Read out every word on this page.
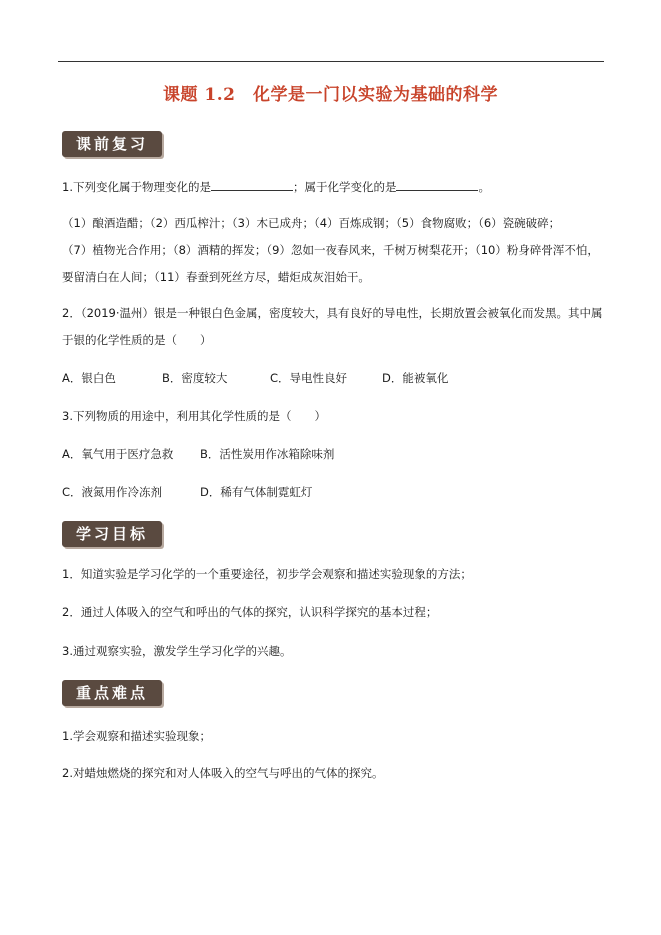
课题 1.2　化学是一门以实验为基础的科学
课前复习
1.下列变化属于物理变化的是	；属于化学变化的是	。
（1）酿酒造醋；（2）西瓜榨汁；（3）木已成舟；（4）百炼成钢；（5）食物腐败；（6）瓷碗破碎；
（7）植物光合作用；（8）酒精的挥发；（9）忽如一夜春风来，千树万树梨花开；（10）粉身碎骨浑不怕，
要留清白在人间；（11）春蚕到死丝方尽，蜡炬成灰泪始干。
2．（2019·温州）银是一种银白色金属，密度较大，具有良好的导电性，长期放置会被氧化而发黑。其中属
于银的化学性质的是（　　）
A．银白色	B．密度较大	C．导电性良好	D．能被氧化
3.下列物质的用途中，利用其化学性质的是（　　）
A．氧气用于医疗急救 B．活性炭用作冰箱除味剂
C．液氮用作冷冻剂	D．稀有气体制霓虹灯
学习目标
1．知道实验是学习化学的一个重要途径，初步学会观察和描述实验现象的方法；
2．通过人体吸入的空气和呼出的气体的探究，认识科学探究的基本过程；
3.通过观察实验，激发学生学习化学的兴趣。
重点难点
1.学会观察和描述实验现象；
2.对蜡烛燃烧的探究和对人体吸入的空气与呼出的气体的探究。
